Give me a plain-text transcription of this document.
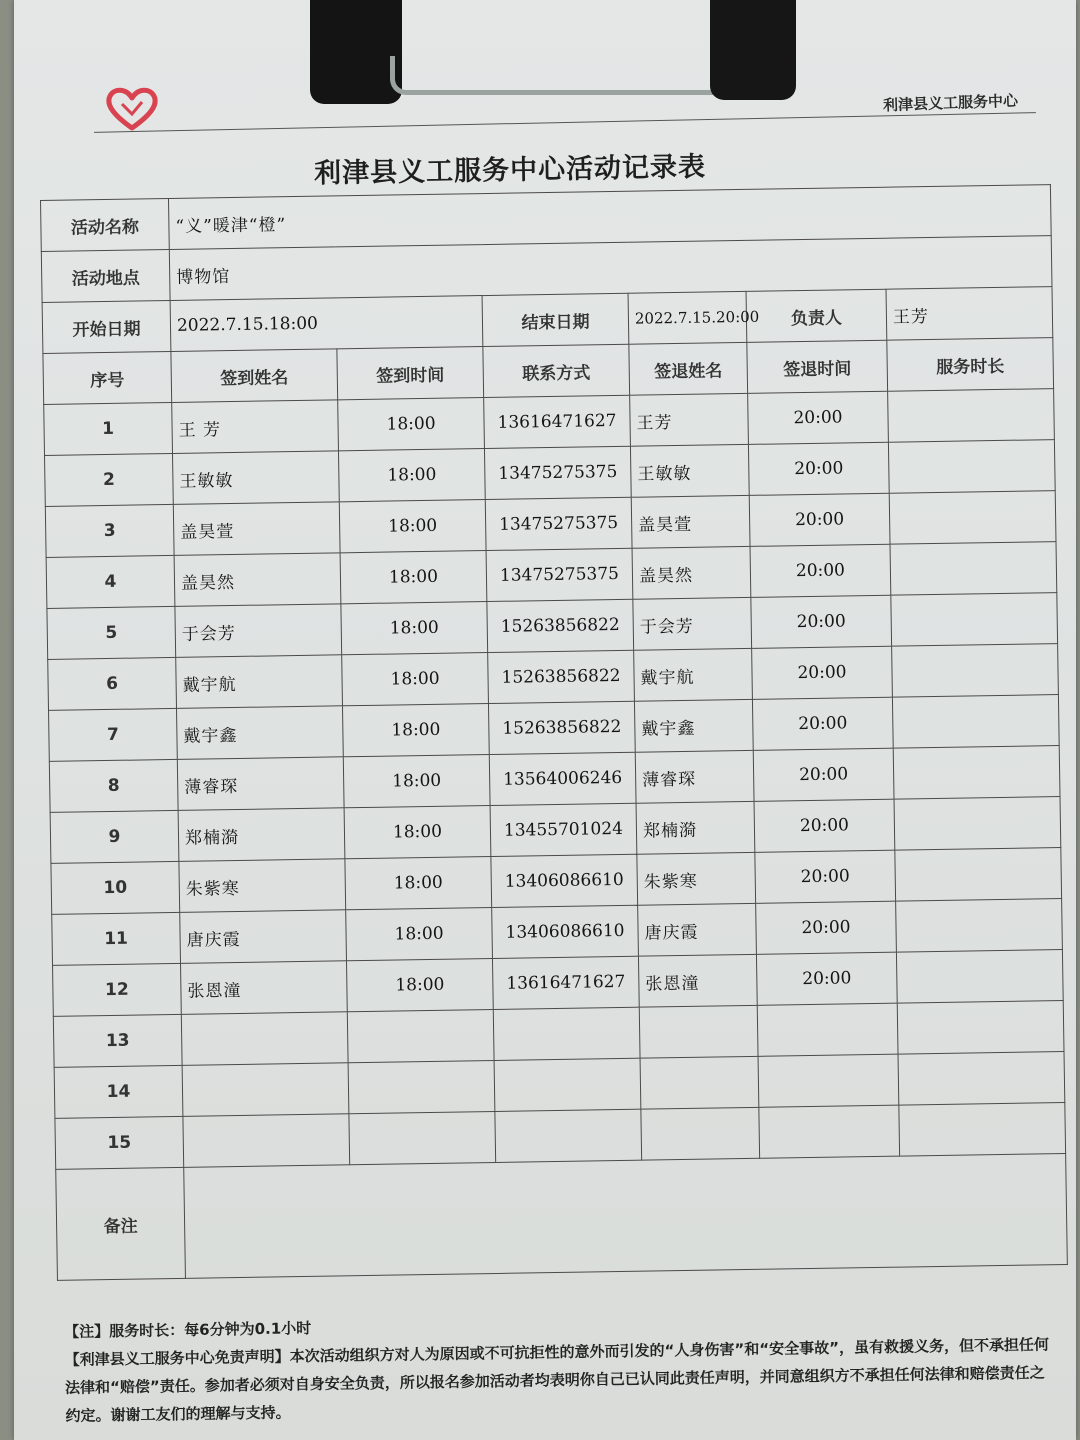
利津县义工服务中心
利津县义工服务中心活动记录表
活动名称	“义”暖津“橙”					
活动地点	博物馆					
开始日期	2022.7.15.18:00		结束日期	2022.7.15.20:00	负责人	王芳
序号	签到姓名	签到时间	联系方式	签退姓名	签退时间	服务时长
1	王 芳	18:00	13616471627	王芳	20:00	
2	王敏敏	18:00	13475275375	王敏敏	20:00	
3	盖昊萱	18:00	13475275375	盖昊萱	20:00	
4	盖昊然	18:00	13475275375	盖昊然	20:00	
5	于会芳	18:00	15263856822	于会芳	20:00	
6	戴宇航	18:00	15263856822	戴宇航	20:00	
7	戴宇鑫	18:00	15263856822	戴宇鑫	20:00	
8	薄睿琛	18:00	13564006246	薄睿琛	20:00	
9	郑楠漪	18:00	13455701024	郑楠漪	20:00	
10	朱紫寒	18:00	13406086610	朱紫寒	20:00	
11	唐庆霞	18:00	13406086610	唐庆霞	20:00	
12	张恩潼	18:00	13616471627	张恩潼	20:00	
13						
14						
15						
备注						

【注】服务时长：每6分钟为0.1小时

【利津县义工服务中心免责声明】本次活动组织方对人为原因或不可抗拒性的意外而引发的“人身伤害”和“安全事故”，虽有救援义务，但不承担任何法律和“赔偿”责任。参加者必须对自身安全负责，所以报名参加活动者均表明你自己已认同此责任声明，并同意组织方不承担任何法律和赔偿责任之约定。谢谢工友们的理解与支持。
